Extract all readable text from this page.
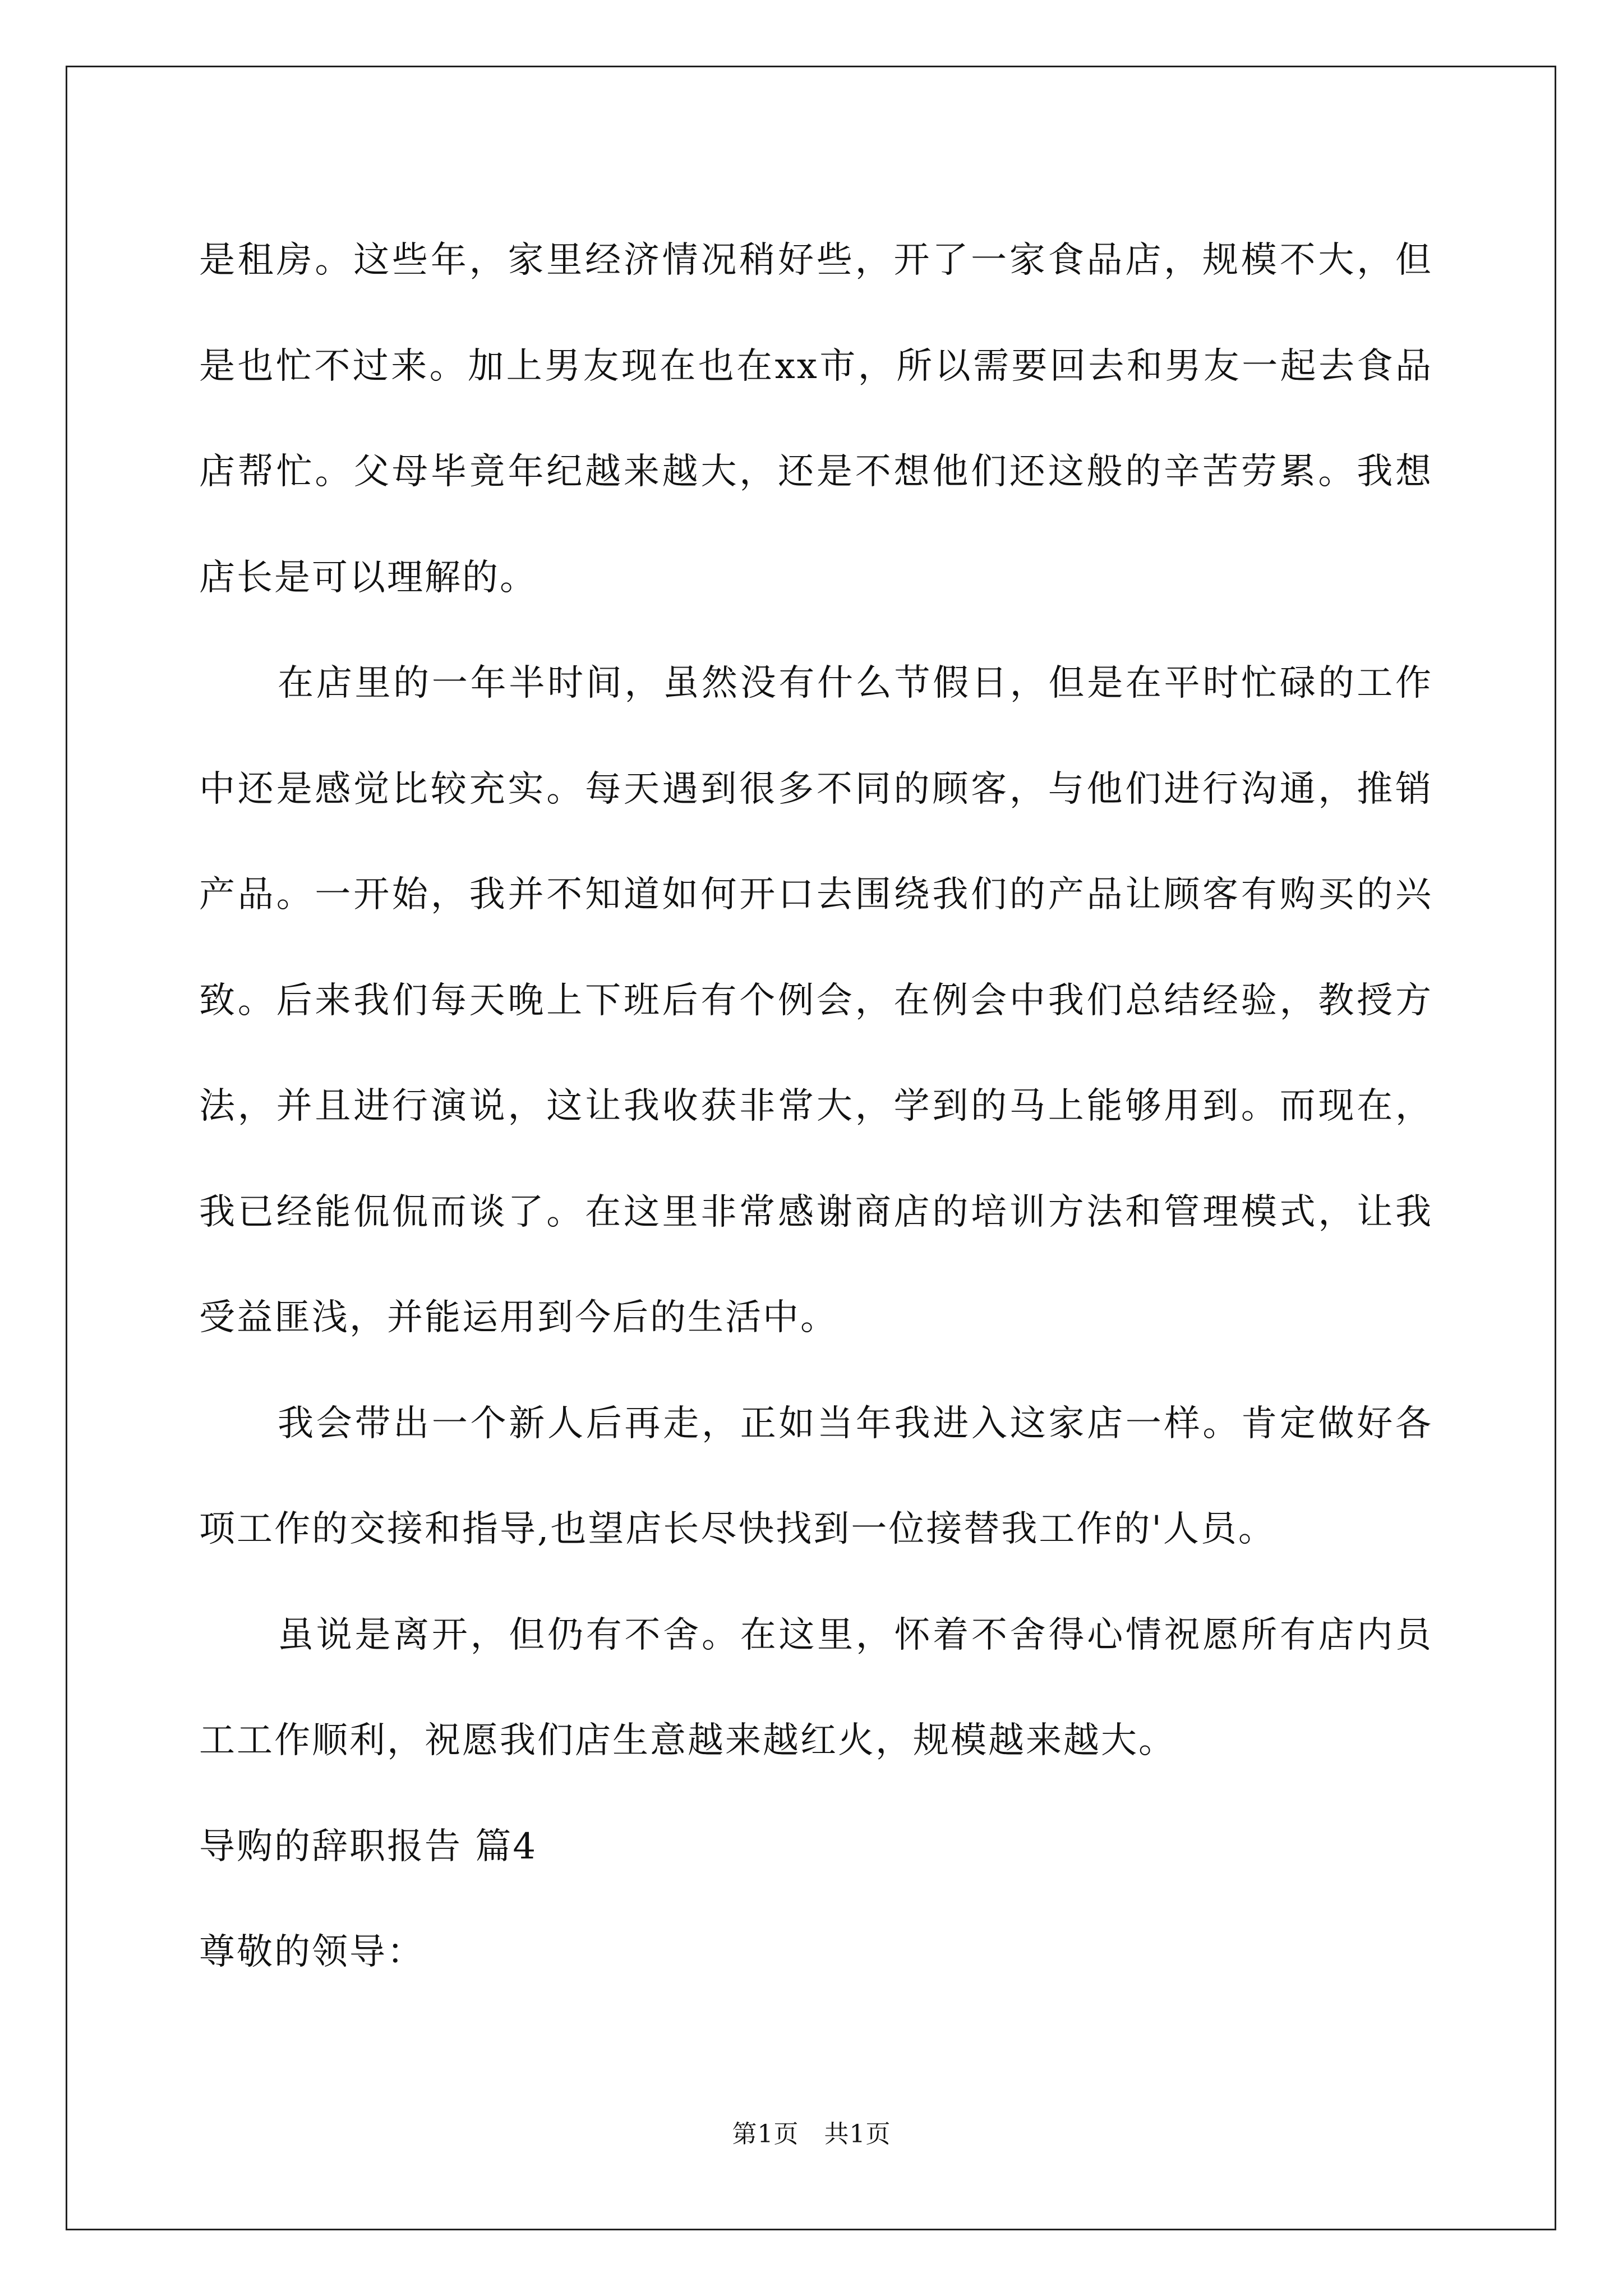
是租房。这些年，家里经济情况稍好些，开了一家食品店，规模不大，但是也忙不过来。加上男友现在也在xx市，所以需要回去和男友一起去食品店帮忙。父母毕竟年纪越来越大，还是不想他们还这般的辛苦劳累。我想店长是可以理解的。

在店里的一年半时间，虽然没有什么节假日，但是在平时忙碌的工作中还是感觉比较充实。每天遇到很多不同的顾客，与他们进行沟通，推销产品。一开始，我并不知道如何开口去围绕我们的产品让顾客有购买的兴致。后来我们每天晚上下班后有个例会，在例会中我们总结经验，教授方法，并且进行演说，这让我收获非常大，学到的马上能够用到。而现在，我已经能侃侃而谈了。在这里非常感谢商店的培训方法和管理模式，让我受益匪浅，并能运用到今后的生活中。

我会带出一个新人后再走，正如当年我进入这家店一样。肯定做好各项工作的交接和指导,也望店长尽快找到一位接替我工作的'人员。

虽说是离开，但仍有不舍。在这里，怀着不舍得心情祝愿所有店内员工工作顺利，祝愿我们店生意越来越红火，规模越来越大。

导购的辞职报告 篇4

尊敬的领导：

第1页 共1页
